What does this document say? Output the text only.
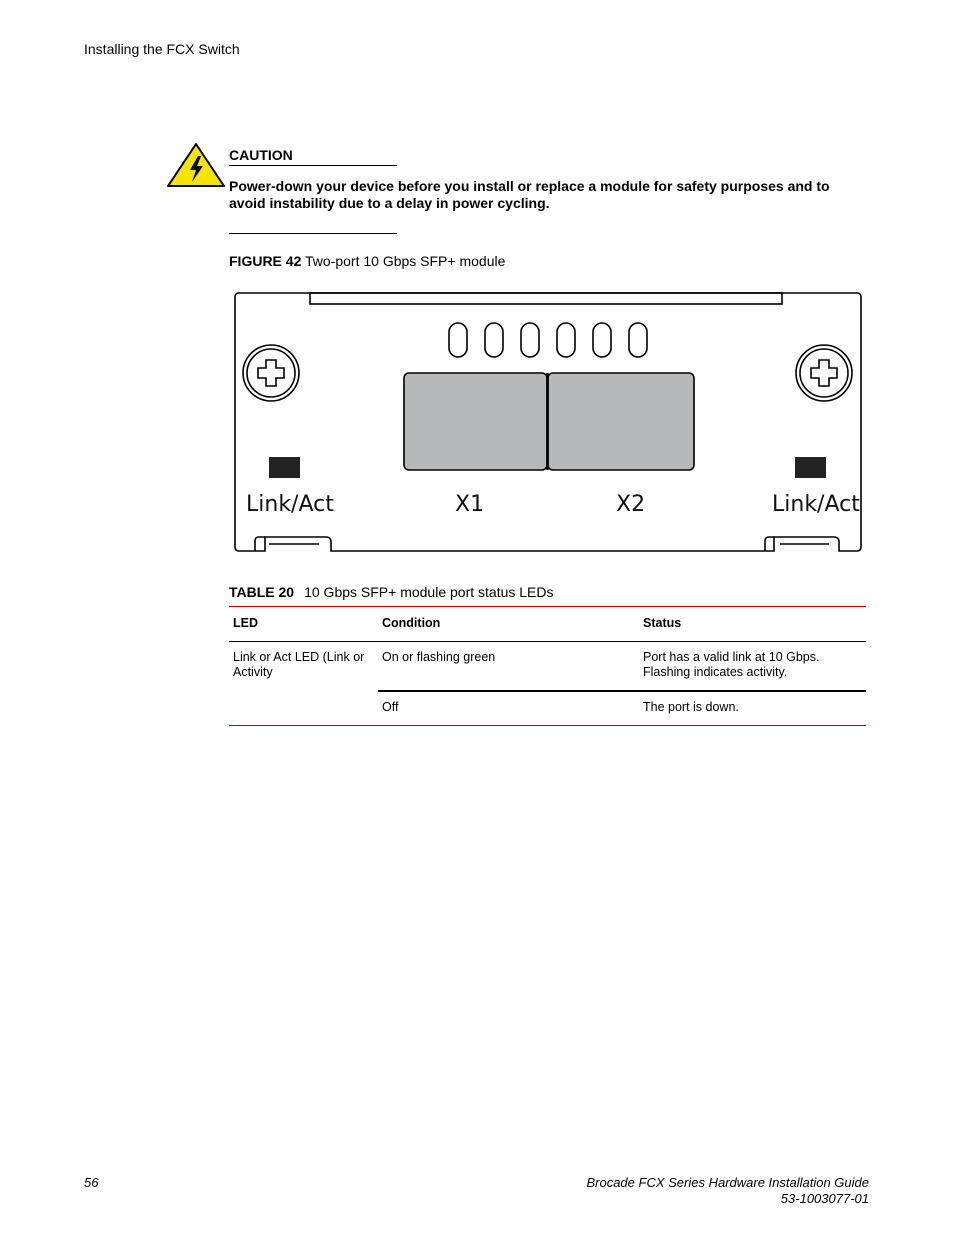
Installing the FCX Switch
CAUTION
Power-down your device before you install or replace a module for safety purposes and to avoid instability due to a delay in power cycling.
FIGURE 42 Two-port 10 Gbps SFP+ module
Link/Act	X1	X2	Link/Act
TABLE 20 10 Gbps SFP+ module port status LEDs
LED	Condition	Status
Link or Act LED (Link or Activity	On or flashing green	Port has a valid link at 10 Gbps.
Flashing indicates activity.

	Off	The port is down.
56	Brocade FCX Series Hardware Installation Guide
53-1003077-01
